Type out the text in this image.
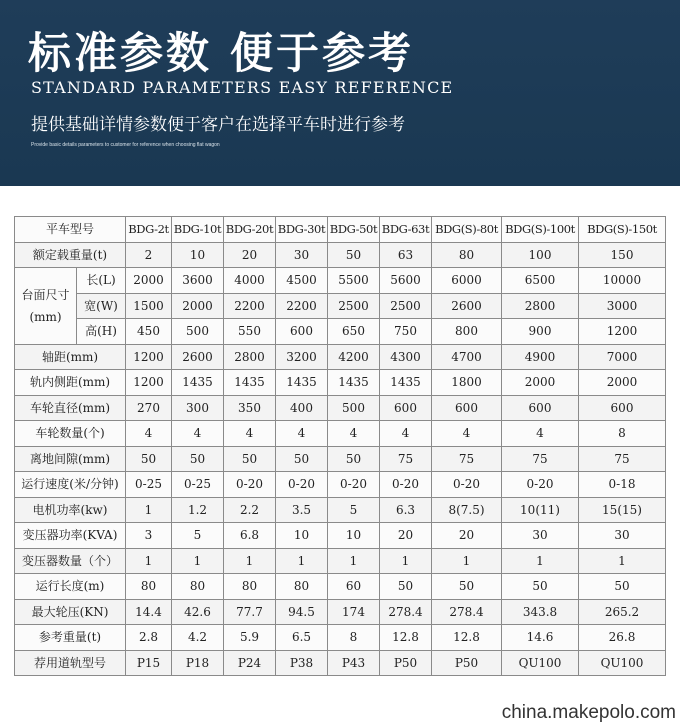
标准参数 便于参考
STANDARD PARAMETERS EASY REFERENCE
提供基础详情参数便于客户在选择平车时进行参考
Provide basic details parameters to customer for reference when choosing flat wagon
平车型号		BDG-2t	BDG-10t	BDG-20t	BDG-30t	BDG-50t	BDG-63t	BDG(S)-80t	BDG(S)-100t	BDG(S)-150t
额定载重量(t)		2	10	20	30	50	63	80	100	150

台面尺寸
(mm)	长(L)	2000	3600	4000	4500	5500	5600	6000	6500	10000
	宽(W)	1500	2000	2200	2200	2500	2500	2600	2800	3000
	高(H)	450	500	550	600	650	750	800	900	1200
轴距(mm)		1200	2600	2800	3200	4200	4300	4700	4900	7000
轨内侧距(mm)		1200	1435	1435	1435	1435	1435	1800	2000	2000
车轮直径(mm)		270	300	350	400	500	600	600	600	600
车轮数量(个)		4	4	4	4	4	4	4	4	8
离地间隙(mm)		50	50	50	50	50	75	75	75	75
运行速度(米/分钟)		0-25	0-25	0-20	0-20	0-20	0-20	0-20	0-20	0-18
电机功率(kw)		1	1.2	2.2	3.5	5	6.3	8(7.5)	10(11)	15(15)
变压器功率(KVA)		3	5	6.8	10	10	20	20	30	30
变压器数量（个）		1	1	1	1	1	1	1	1	1
运行长度(m)		80	80	80	80	60	50	50	50	50
最大轮压(KN)		14.4	42.6	77.7	94.5	174	278.4	278.4	343.8	265.2
参考重量(t)		2.8	4.2	5.9	6.5	8	12.8	12.8	14.6	26.8
荐用道轨型号		P15	P18	P24	P38	P43	P50	P50	QU100	QU100
china.makepolo.com
